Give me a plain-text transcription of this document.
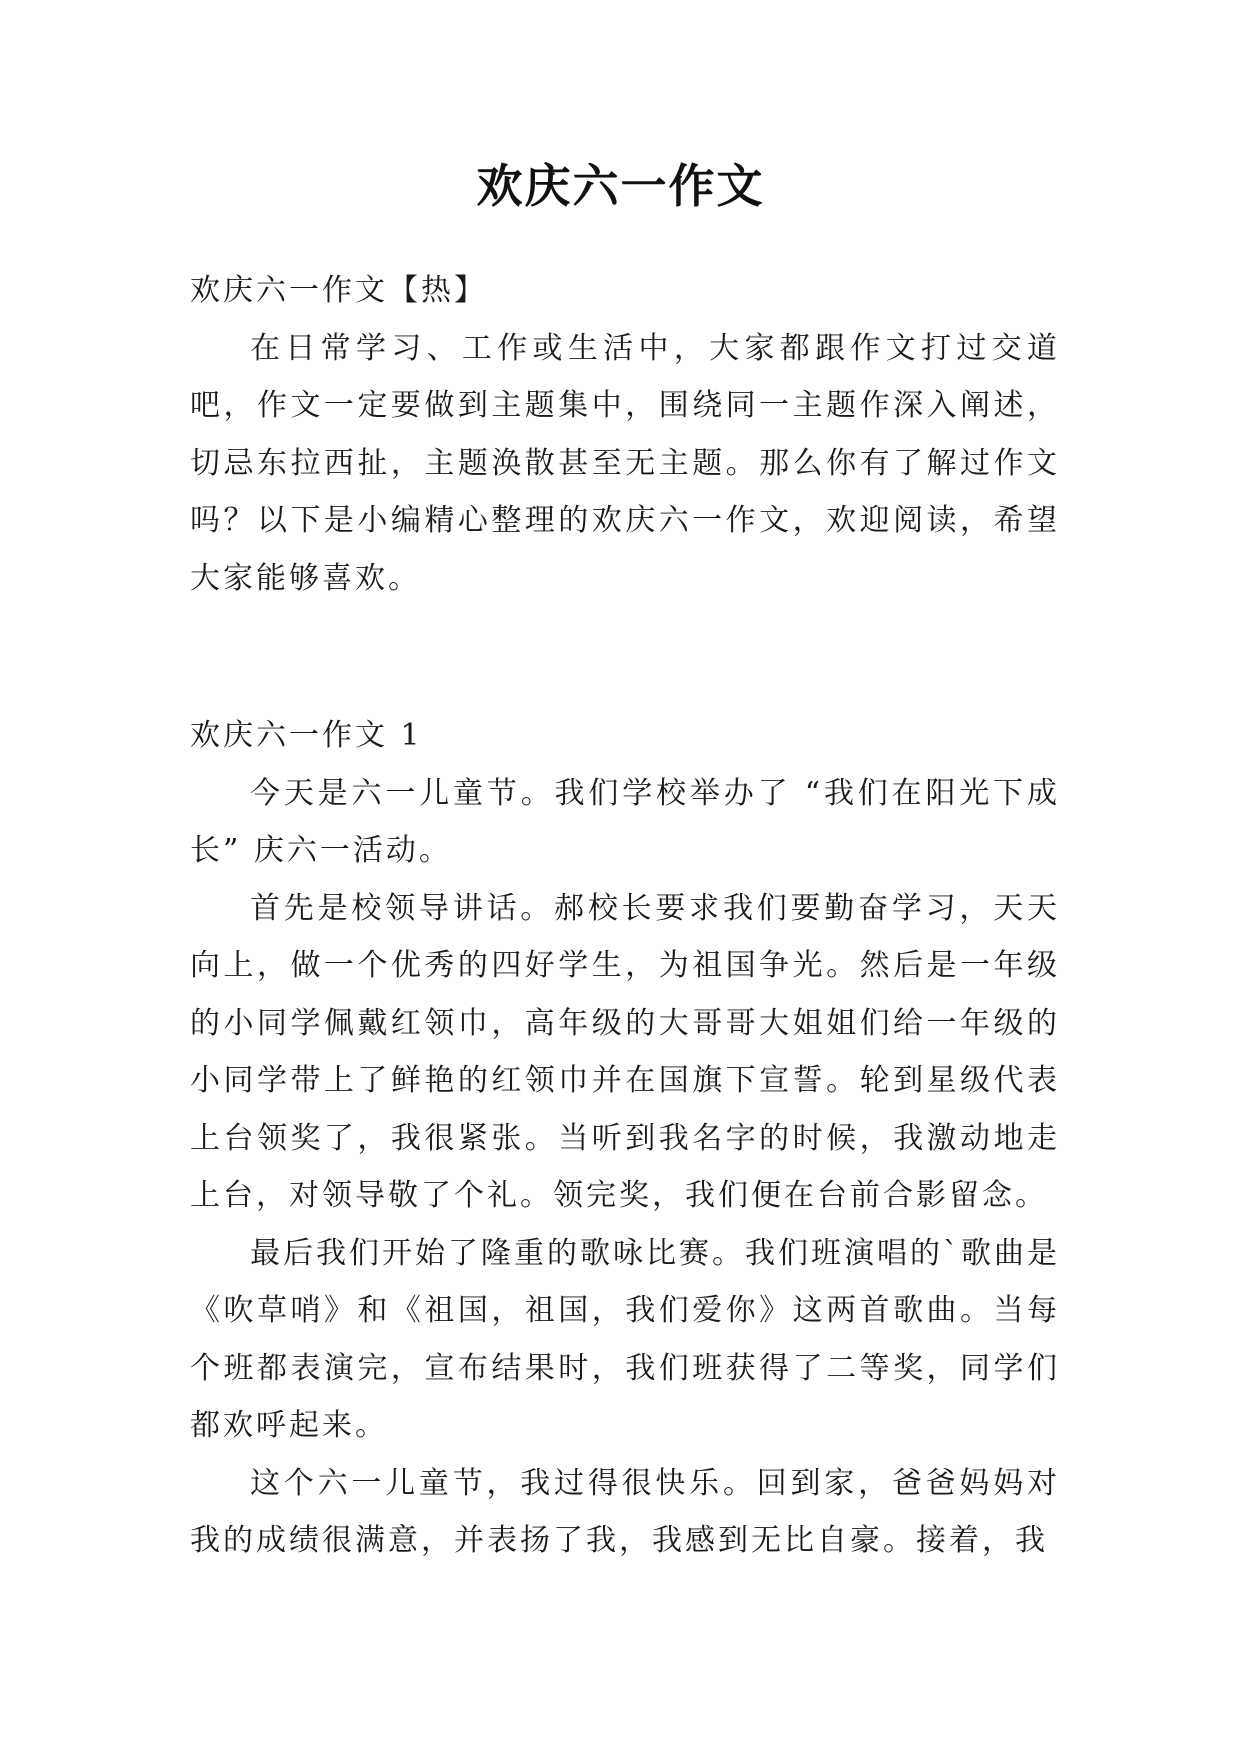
欢庆六一作文

欢庆六一作文【热】

在日常学习、工作或生活中，大家都跟作文打过交道吧，作文一定要做到主题集中，围绕同一主题作深入阐述，切忌东拉西扯，主题涣散甚至无主题。那么你有了解过作文吗？以下是小编精心整理的欢庆六一作文，欢迎阅读，希望大家能够喜欢。

欢庆六一作文 1

今天是六一儿童节。我们学校举办了 “我们在阳光下成长” 庆六一活动。

首先是校领导讲话。郝校长要求我们要勤奋学习，天天向上，做一个优秀的四好学生，为祖国争光。然后是一年级的小同学佩戴红领巾，高年级的大哥哥大姐姐们给一年级的小同学带上了鲜艳的红领巾并在国旗下宣誓。轮到星级代表上台领奖了，我很紧张。当听到我名字的时候，我激动地走上台，对领导敬了个礼。领完奖，我们便在台前合影留念。

最后我们开始了隆重的歌咏比赛。我们班演唱的`歌曲是《吹草哨》和《祖国，祖国，我们爱你》这两首歌曲。当每个班都表演完，宣布结果时，我们班获得了二等奖，同学们都欢呼起来。

这个六一儿童节，我过得很快乐。回到家，爸爸妈妈对我的成绩很满意，并表扬了我，我感到无比自豪。接着，我
